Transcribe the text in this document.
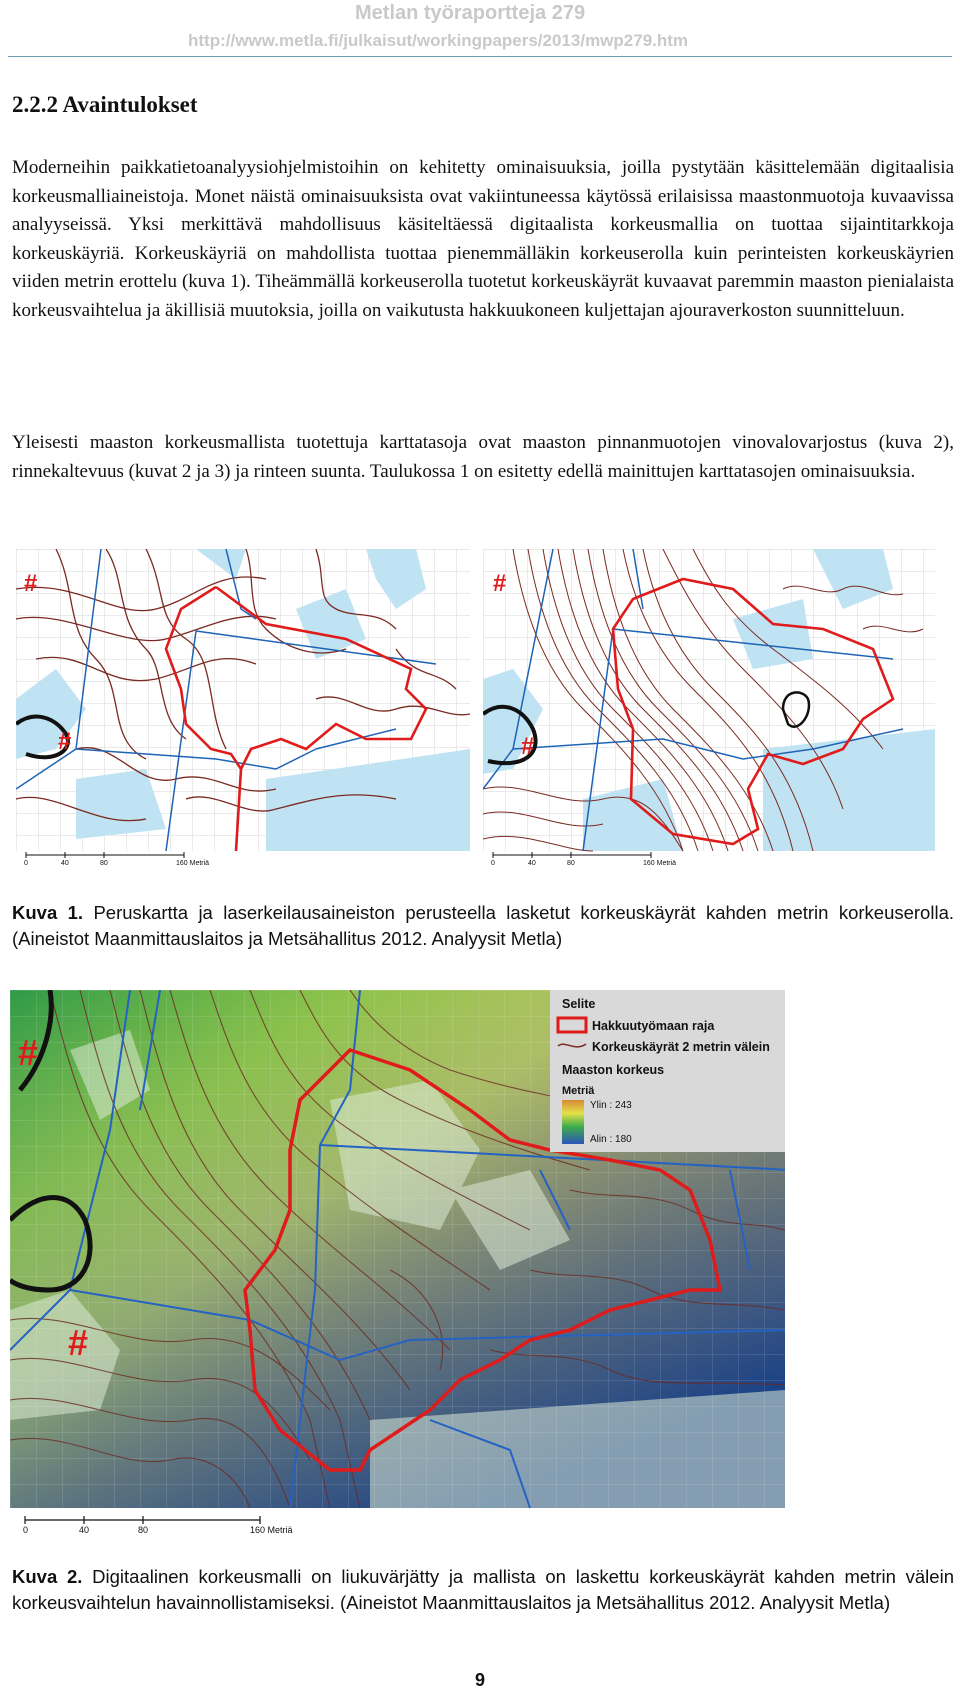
Metlan työraportteja 279
http://www.metla.fi/julkaisut/workingpapers/2013/mwp279.htm
2.2.2 Avaintulokset

Moderneihin paikkatietoanalyysiohjelmistoihin on kehitetty ominaisuuksia, joilla pystytään käsittelemään digitaalisia korkeusmalliaineistoja. Monet näistä ominaisuuksista ovat vakiintuneessa käytössä erilaisissa maastonmuotoja kuvaavissa analyyseissä. Yksi merkittävä mahdollisuus käsiteltäessä digitaalista korkeusmallia on tuottaa sijaintitarkkoja korkeuskäyriä. Korkeuskäyriä on mahdollista tuottaa pienemmälläkin korkeuserolla kuin perinteisten korkeuskäyrien viiden metrin erottelu (kuva 1). Tiheämmällä korkeuserolla tuotetut korkeuskäyrät kuvaavat paremmin maaston pienialaista korkeusvaihtelua ja äkillisiä muutoksia, joilla on vaikutusta hakkuukoneen kuljettajan ajouraverkoston suunnitteluun.

Yleisesti maaston korkeusmallista tuotettuja karttatasoja ovat maaston pinnanmuotojen vinovalovarjostus (kuva 2), rinnekaltevuus (kuvat 2 ja 3) ja rinteen suunta. Taulukossa 1 on esitetty edellä mainittujen karttatasojen ominaisuuksia.

#
#
0	40	80	160 Metriä
#
#
0	40	80	160 Metriä

Kuva 1. Peruskartta ja laserkeilausaineiston perusteella lasketut korkeuskäyrät kahden metrin korkeuserolla. (Aineistot Maanmittauslaitos ja Metsähallitus 2012. Analyysit Metla)

#
#
Selite
Hakkuutyömaan raja
Korkeuskäyrät 2 metrin välein
Maaston korkeus
Metriä
Ylin : 243
Alin : 180
0	40	80	160 Metriä

Kuva 2. Digitaalinen korkeusmalli on liukuvärjätty ja mallista on laskettu korkeuskäyrät kahden metrin välein korkeusvaihtelun havainnollistamiseksi. (Aineistot Maanmittauslaitos ja Metsähallitus 2012. Analyysit Metla)

9
